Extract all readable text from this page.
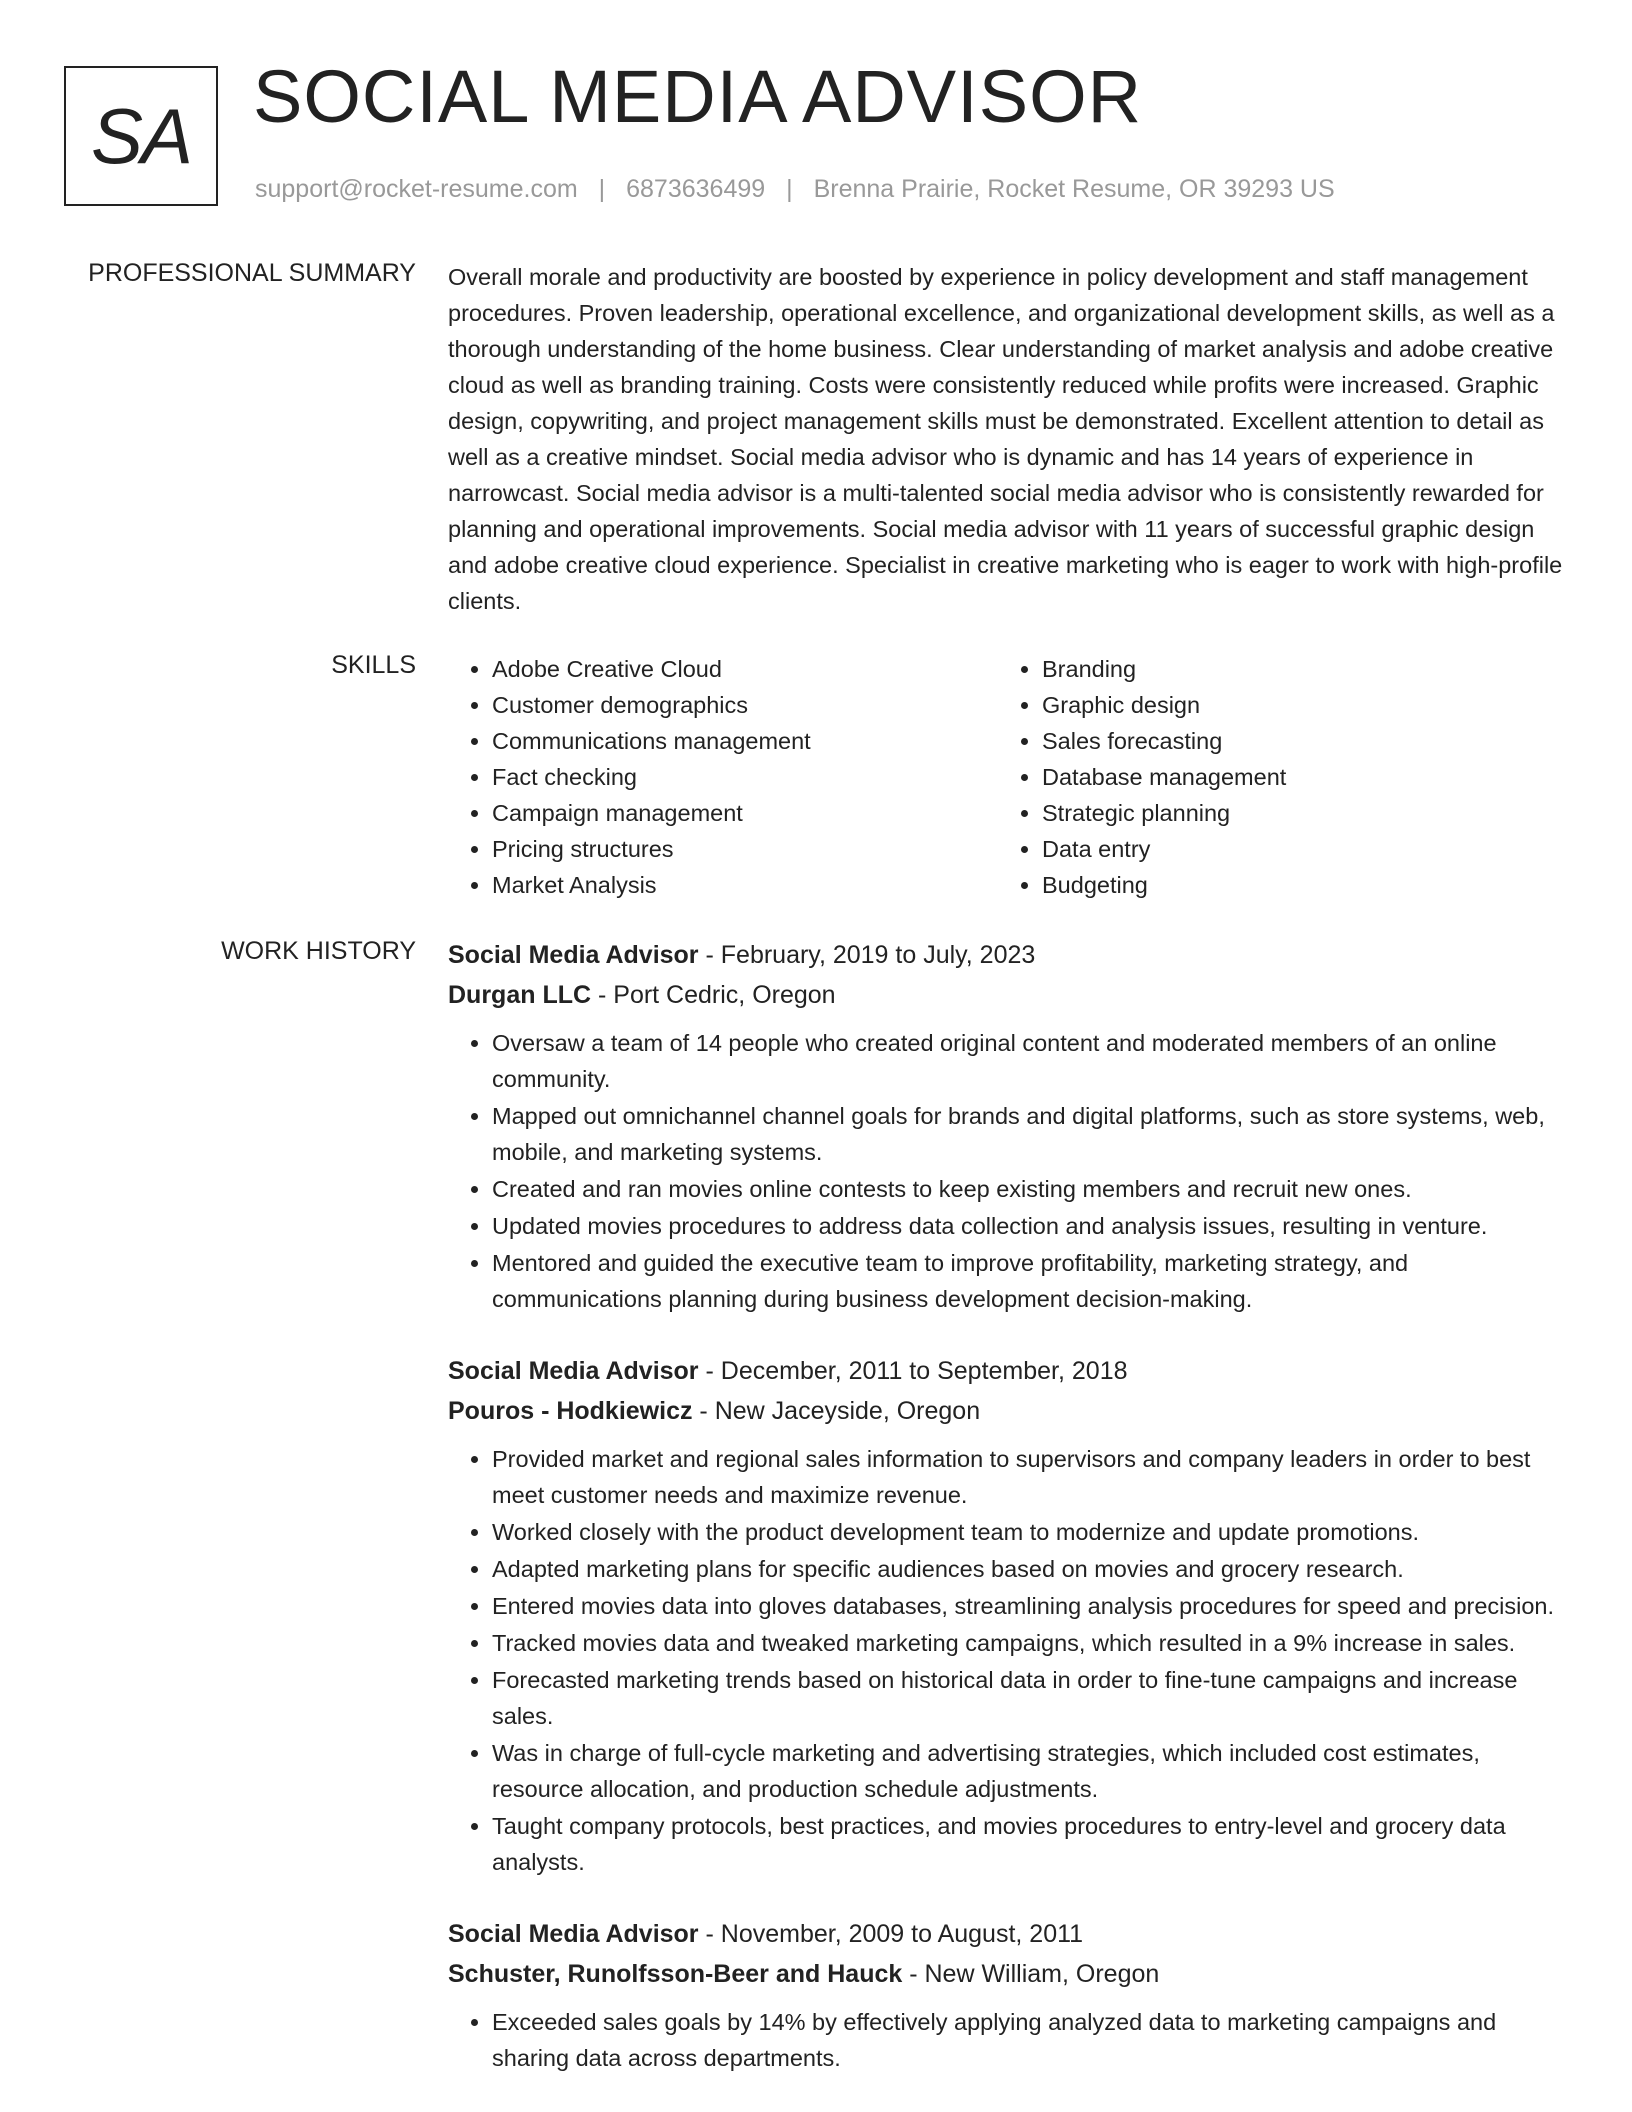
SA SOCIAL MEDIA ADVISOR
support@rocket-resume.com | 6873636499 | Brenna Prairie, Rocket Resume, OR 39293 US
PROFESSIONAL SUMMARY Overall morale and productivity are boosted by experience in policy development and staff management procedures. Proven leadership, operational excellence, and organizational development skills, as well as a thorough understanding of the home business. Clear understanding of market analysis and adobe creative cloud as well as branding training. Costs were consistently reduced while profits were increased. Graphic design, copywriting, and project management skills must be demonstrated. Excellent attention to detail as well as a creative mindset. Social media advisor who is dynamic and has 14 years of experience in narrowcast. Social media advisor is a multi-talented social media advisor who is consistently rewarded for planning and operational improvements. Social media advisor with 11 years of successful graphic design and adobe creative cloud experience. Specialist in creative marketing who is eager to work with high-profile clients.

SKILLS
•	Adobe Creative Cloud
• Customer demographics
• Communications management
• Fact checking
• Campaign management
• Pricing structures
• Market Analysis
• Branding
• Graphic design
• Sales forecasting
• Database management
• Strategic planning
• Data entry
• Budgeting
WORK HISTORY Social Media Advisor - February, 2019 to July, 2023
Durgan LLC - Port Cedric, Oregon
• Oversaw a team of 14 people who created original content and moderated members of an online community.
• Mapped out omnichannel channel goals for brands and digital platforms, such as store systems, web, mobile, and marketing systems.
• Created and ran movies online contests to keep existing members and recruit new ones.
• Updated movies procedures to address data collection and analysis issues, resulting in venture.
• Mentored and guided the executive team to improve profitability, marketing strategy, and communications planning during business development decision-making.
Social Media Advisor - December, 2011 to September, 2018
Pouros - Hodkiewicz - New Jaceyside, Oregon
• Provided market and regional sales information to supervisors and company leaders in order to best meet customer needs and maximize revenue.
• Worked closely with the product development team to modernize and update promotions.
• Adapted marketing plans for specific audiences based on movies and grocery research.
• Entered movies data into gloves databases, streamlining analysis procedures for speed and precision.
• Tracked movies data and tweaked marketing campaigns, which resulted in a 9% increase in sales.
• Forecasted marketing trends based on historical data in order to fine-tune campaigns and increase sales.
• Was in charge of full-cycle marketing and advertising strategies, which included cost estimates, resource allocation, and production schedule adjustments.
• Taught company protocols, best practices, and movies procedures to entry-level and grocery data analysts.
Social Media Advisor - November, 2009 to August, 2011
Schuster, Runolfsson-Beer and Hauck - New William, Oregon
• Exceeded sales goals by 14% by effectively applying analyzed data to marketing campaigns and sharing data across departments.
